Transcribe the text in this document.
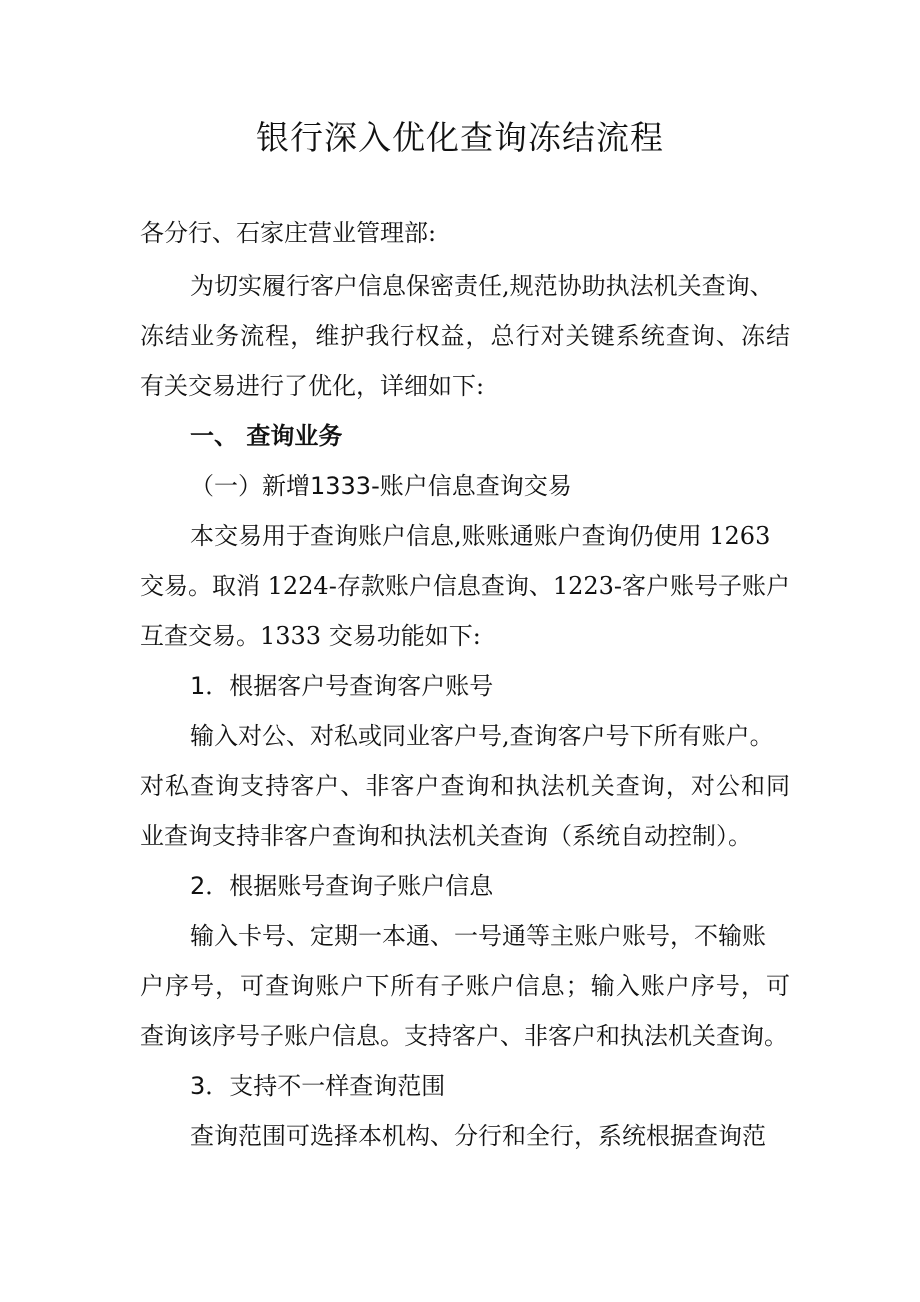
银行深入优化查询冻结流程
各分行、石家庄营业管理部:
为切实履行客户信息保密责任,规范协助执法机关查询、
冻结业务流程，维护我行权益，总行对关键系统查询、冻结
有关交易进行了优化，详细如下:
一、 查询业务
（一）新增1333-账户信息查询交易
本交易用于查询账户信息,账账通账户查询仍使用 1263
交易。取消 1224-存款账户信息查询、1223-客户账号子账户
互查交易。1333 交易功能如下:
1．根据客户号查询客户账号
输入对公、对私或同业客户号,查询客户号下所有账户。
对私查询支持客户、非客户查询和执法机关查询，对公和同
业查询支持非客户查询和执法机关查询（系统自动控制）。
2．根据账号查询子账户信息
输入卡号、定期一本通、一号通等主账户账号，不输账
户序号，可查询账户下所有子账户信息；输入账户序号，可
查询该序号子账户信息。支持客户、非客户和执法机关查询。
3．支持不一样查询范围
查询范围可选择本机构、分行和全行，系统根据查询范
